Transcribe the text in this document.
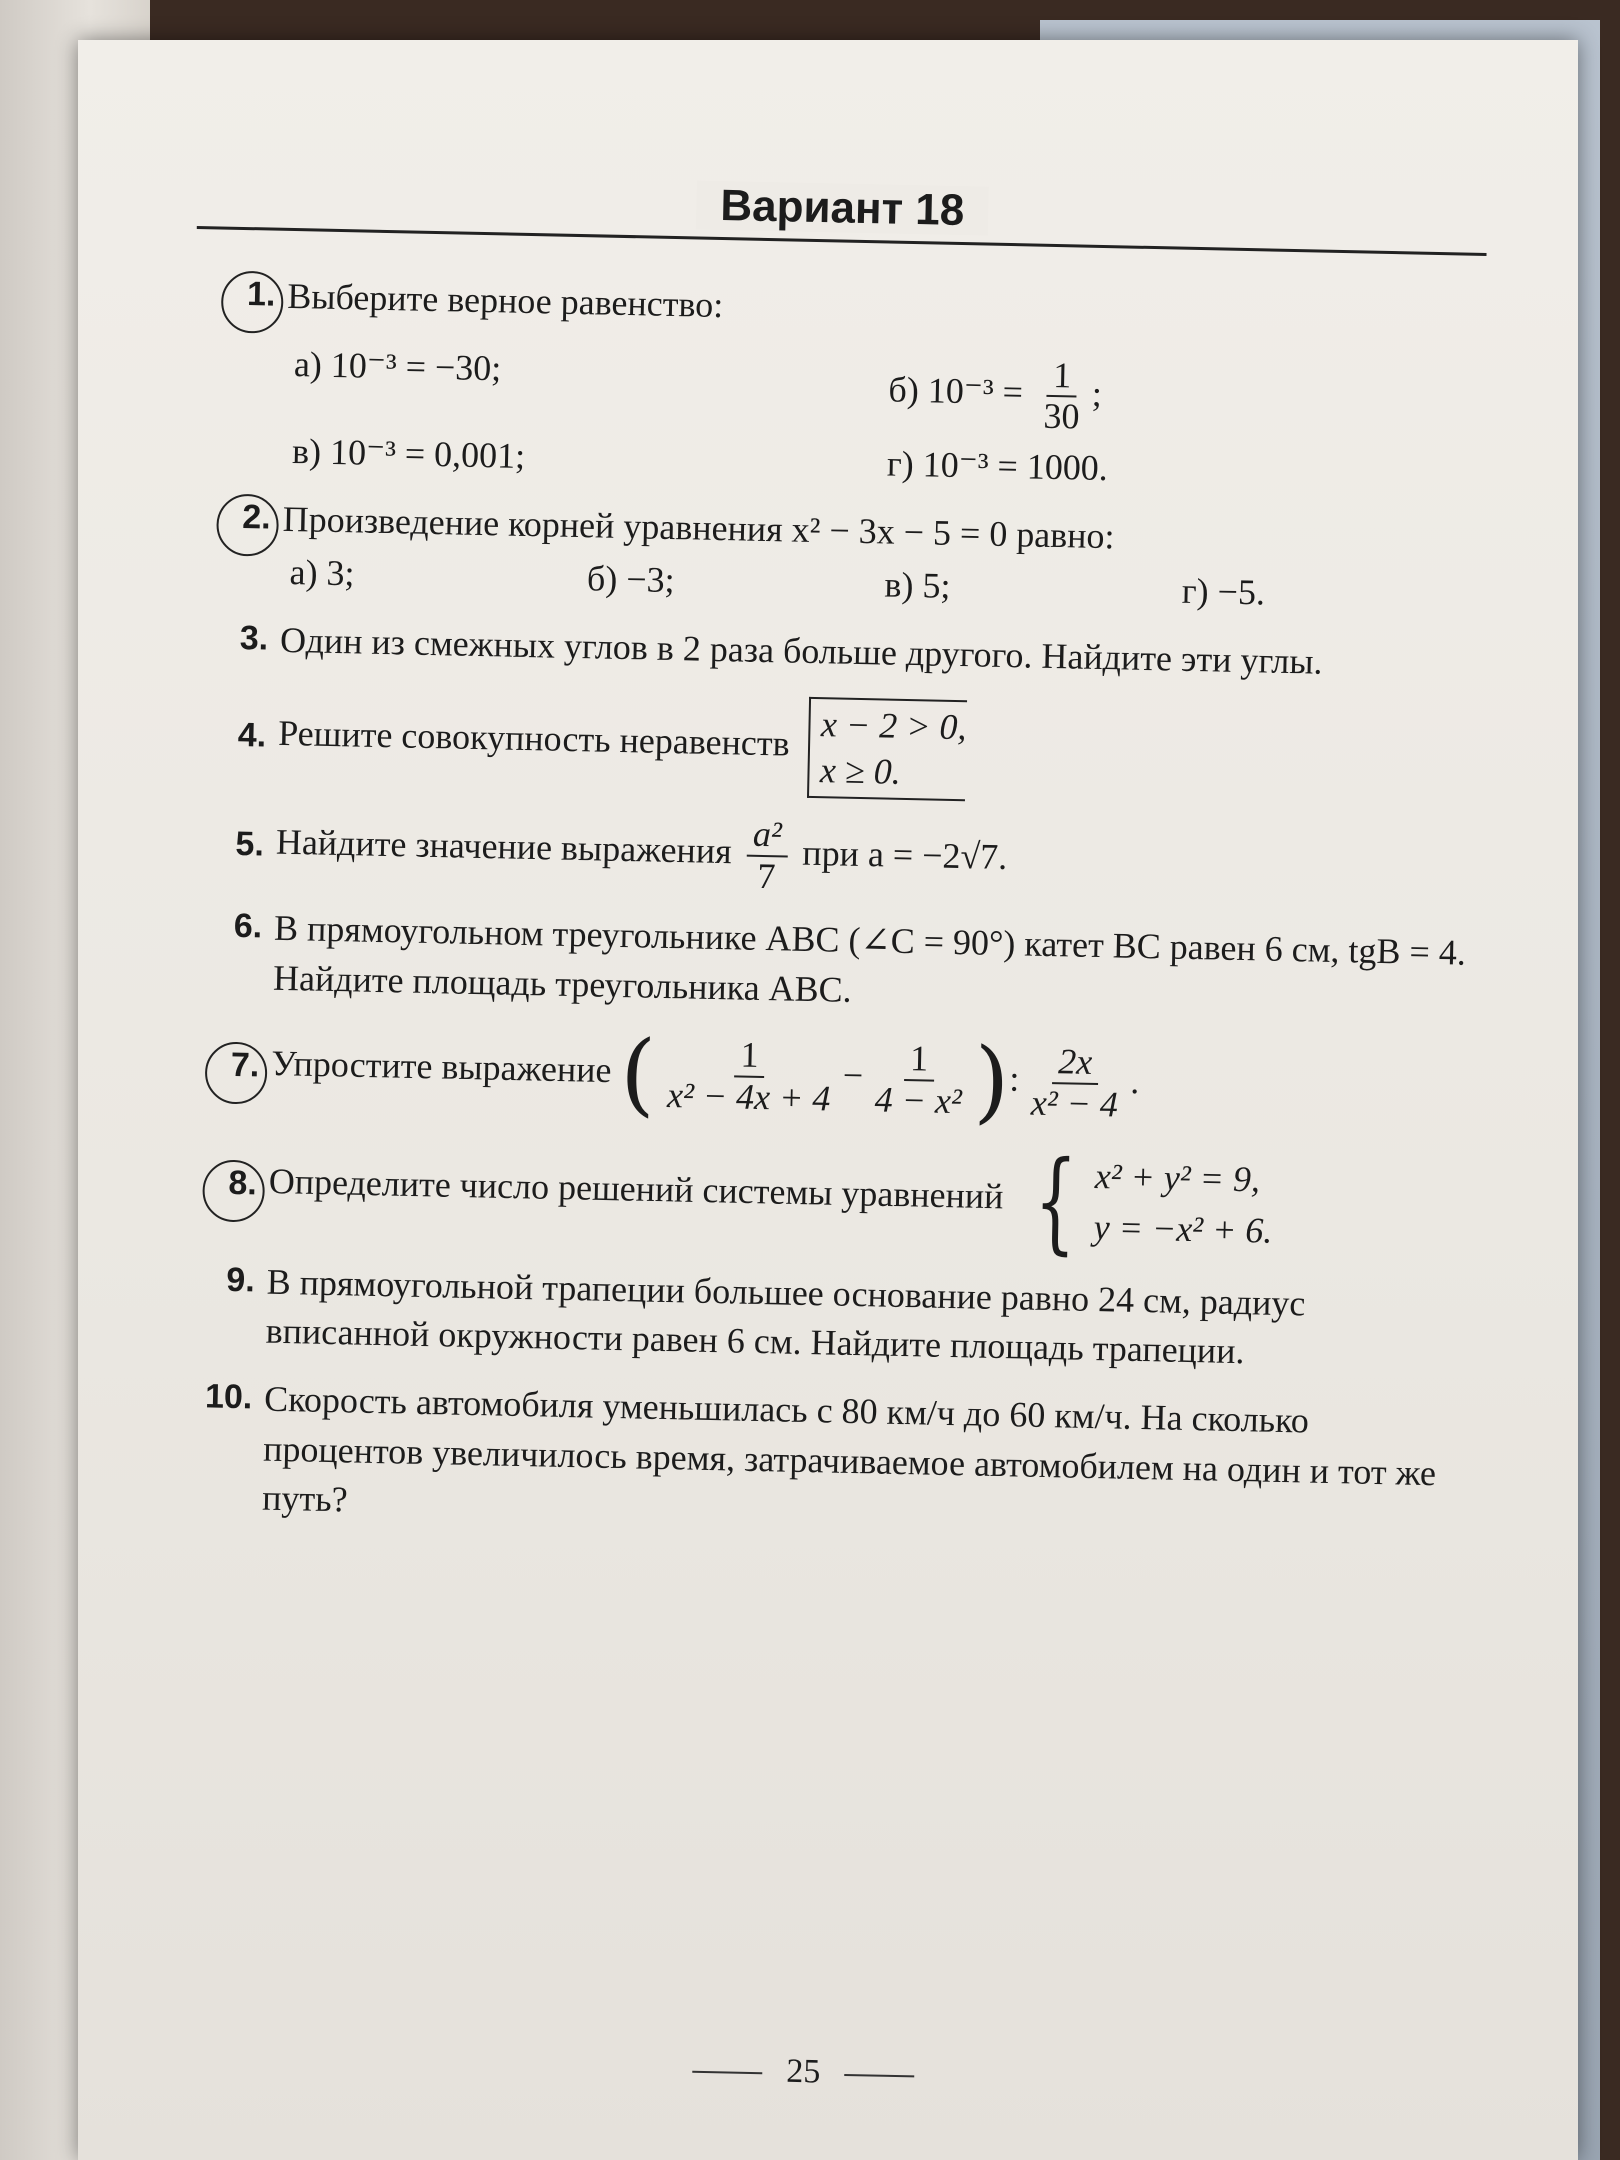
Вариант 18
1. Выберите верное равенство:
а) 10⁻³ = −30;
б) $10^{-3} = \frac{1}{30}$ ;
в) 10⁻³ = 0,001;	г) 10⁻³ = 1000.
2. Произведение корней уравнения x² − 3x − 5 = 0 равно:
а) 3;	б) −3;	в) 5;	г) −5.
3. Один из смежных углов в 2 раза больше другого. Найдите эти углы.
4. Решите совокупность неравенств x − 2 > 0,
x ≥ 0.
5. Найдите значение выражения $\frac{\text{a²}}{7}$ при a = −2√7.
6. В прямоугольном треугольнике ABC (∠C = 90°) катет BC равен 6 см, tgB = 4. Найдите площадь треугольника ABC.
7. Упростите выражение ( $\frac{1}{\text{x² − 4x + 4}} - \frac{1}{\text{4 − x²}}$ ): $\frac{2x}{\text{x² − 4}}$ .
8. Определите число решений системы уравнений { x² + y² = 9,
y = −x² + 6.
9. В прямоугольной трапеции большее основание равно 24 см, радиус вписанной окружности равен 6 см. Найдите площадь трапеции.
10. Скорость автомобиля уменьшилась с 80 км/ч до 60 км/ч. На сколько процентов увеличилось время, затрачиваемое автомобилем на один и тот же путь?
25
